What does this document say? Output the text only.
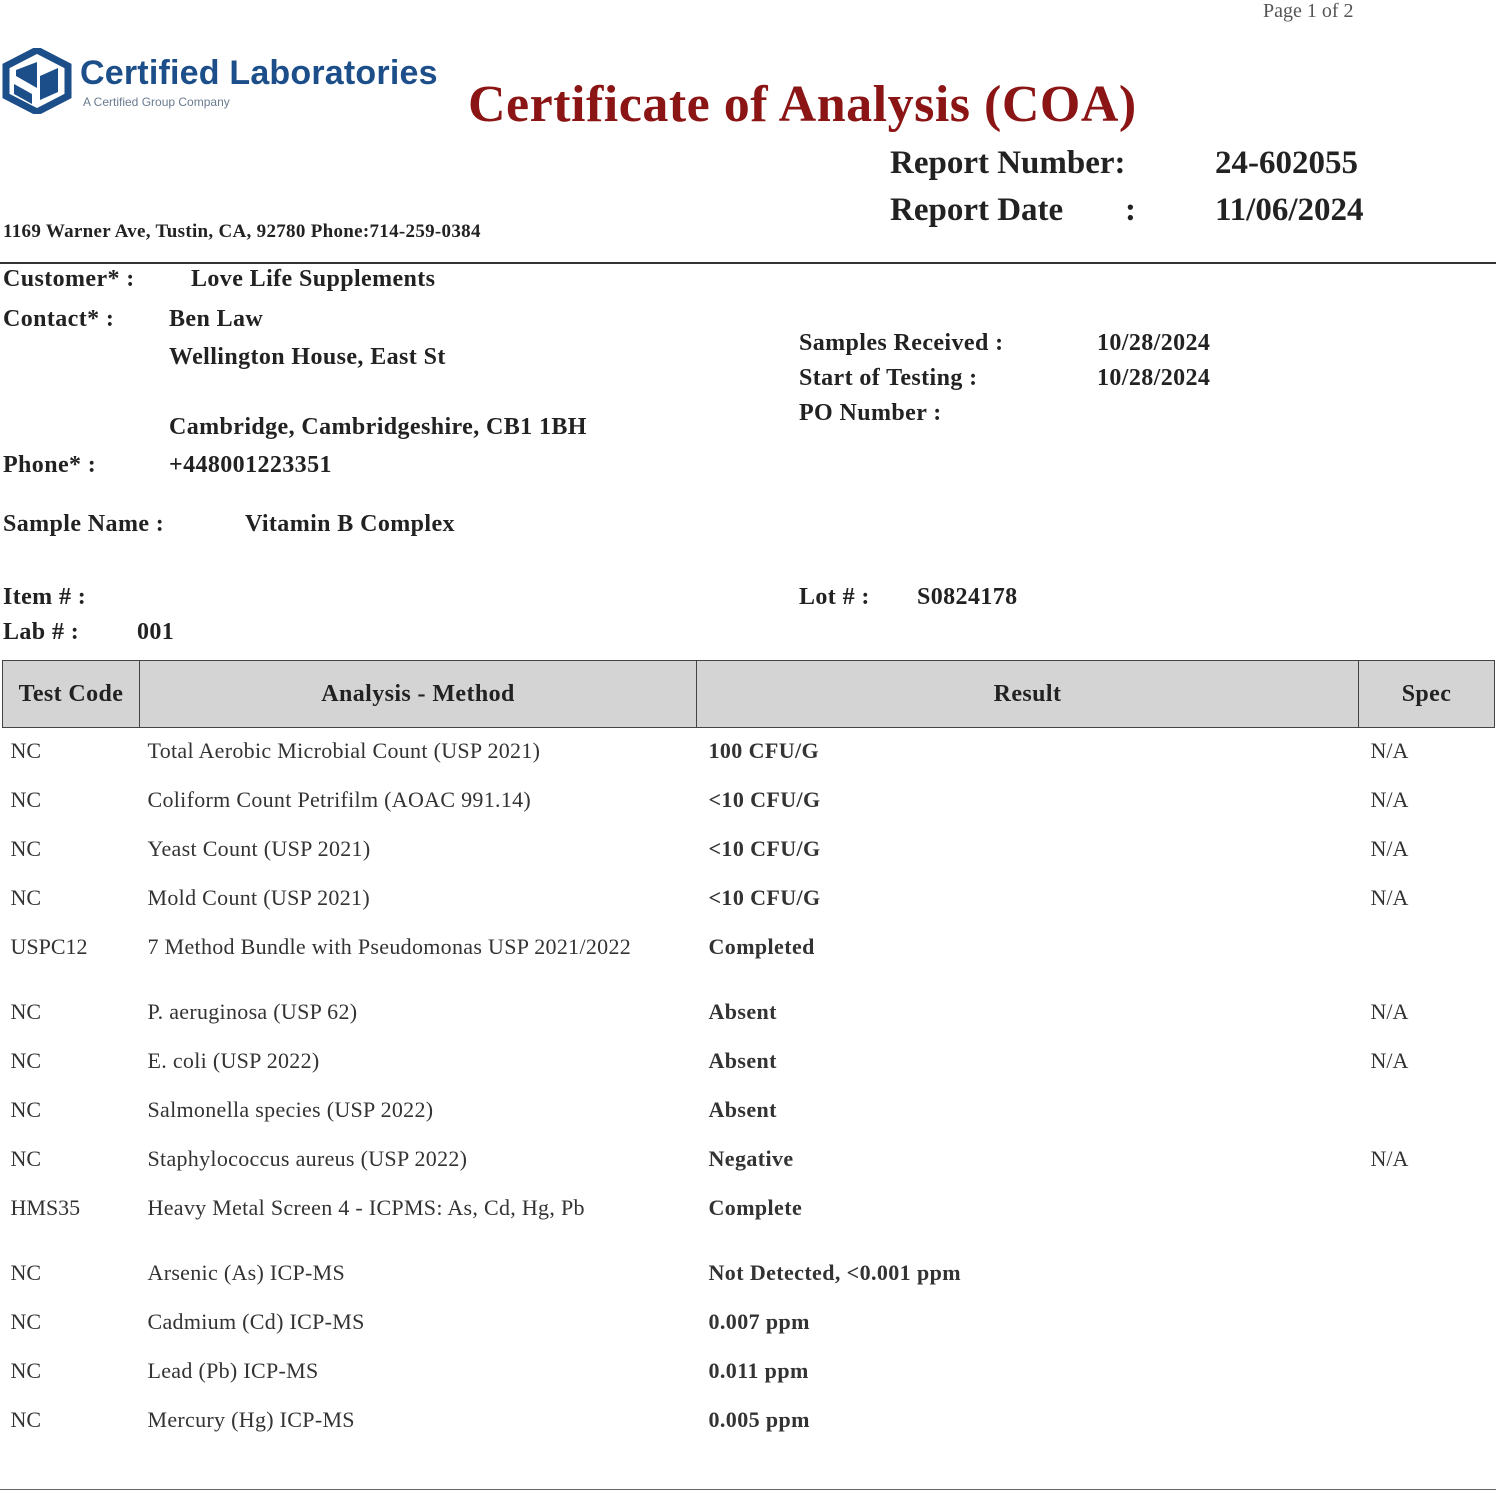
Page 1 of 2
Certified Laboratories
A Certified Group Company	Certificate of Analysis (COA)
Report Number:	24-602055
Report Date : 11/06/2024
1169 Warner Ave, Tustin, CA, 92780 Phone:714-259-0384
Customer* : Love Life Supplements
Contact* : Ben Law
Wellington House, East St
Cambridge, Cambridgeshire, CB1 1BH
Phone* :	+448001223351
Samples Received :	10/28/2024
Start of Testing :	10/28/2024
PO Number :
Sample Name :	Vitamin B Complex
Item # :	Lot # : S0824178
Lab # : 001
Test Code	Analysis - Method	Result	Spec
NC	Total Aerobic Microbial Count (USP 2021)	100 CFU/G	N/A
NC	Coliform Count Petrifilm (AOAC 991.14)	<10 CFU/G	N/A
NC	Yeast Count (USP 2021)	<10 CFU/G	N/A
NC	Mold Count (USP 2021)	<10 CFU/G	N/A
USPC12	7 Method Bundle with Pseudomonas USP 2021/2022	Completed	
NC	P. aeruginosa (USP 62)	Absent	N/A
NC	E. coli (USP 2022)	Absent	N/A
NC	Salmonella species (USP 2022)	Absent	
NC	Staphylococcus aureus (USP 2022)	Negative	N/A
HMS35	Heavy Metal Screen 4 - ICPMS: As, Cd, Hg, Pb	Complete	
NC	Arsenic (As) ICP-MS	Not Detected, <0.001 ppm	
NC	Cadmium (Cd) ICP-MS	0.007 ppm	
NC	Lead (Pb) ICP-MS	0.011 ppm	
NC	Mercury (Hg) ICP-MS	0.005 ppm	
